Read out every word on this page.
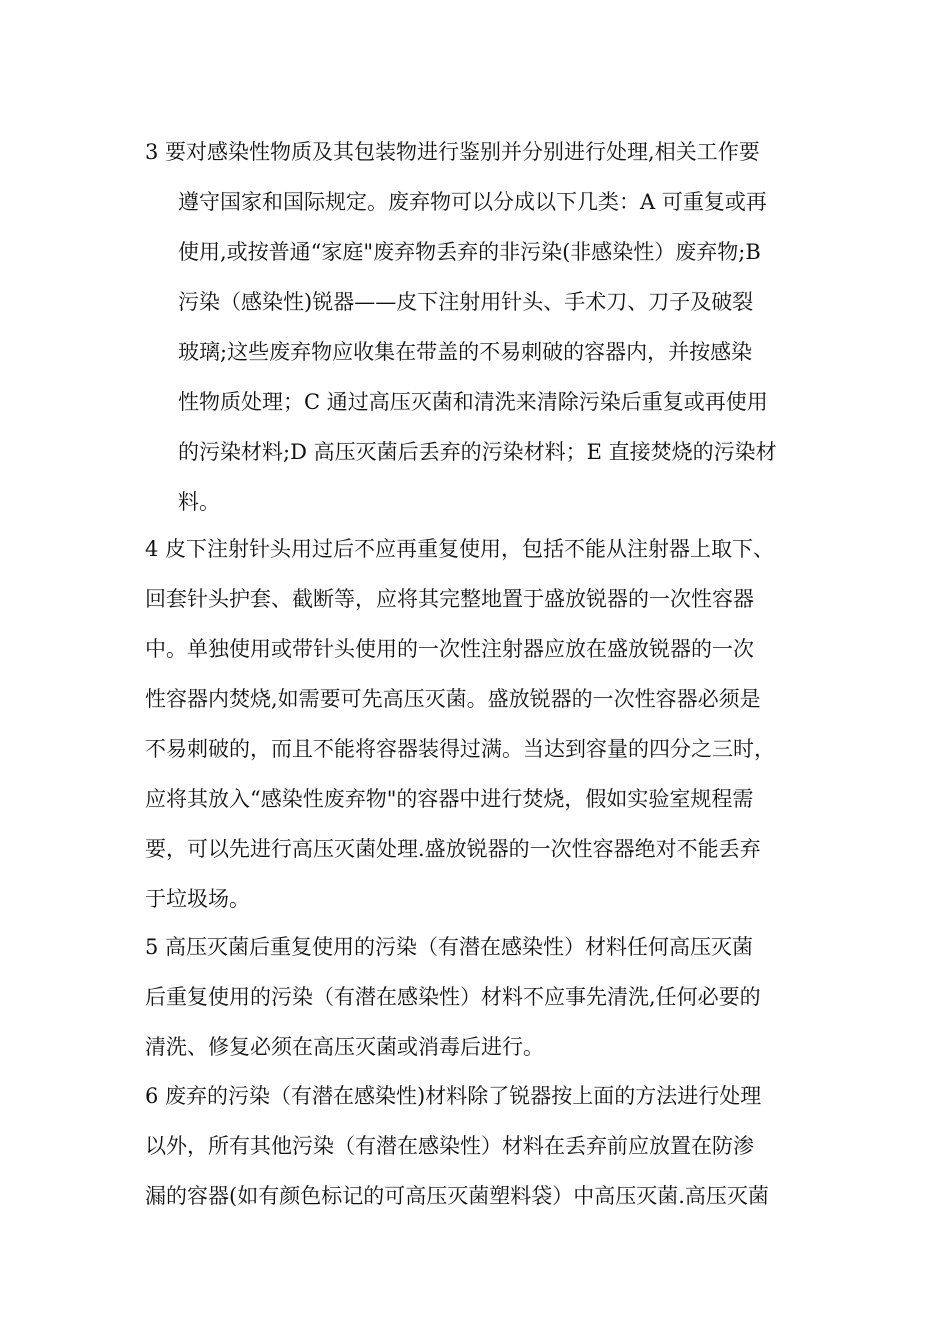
3 要对感染性物质及其包装物进行鉴别并分别进行处理,相关工作要
遵守国家和国际规定。废弃物可以分成以下几类：A 可重复或再
使用,或按普通“家庭"废弃物丢弃的非污染(非感染性）废弃物;B
污染（感染性)锐器——皮下注射用针头、手术刀、刀子及破裂
玻璃;这些废弃物应收集在带盖的不易刺破的容器内，并按感染
性物质处理；C 通过高压灭菌和清洗来清除污染后重复或再使用
的污染材料;D 高压灭菌后丢弃的污染材料；E 直接焚烧的污染材
料。
4 皮下注射针头用过后不应再重复使用，包括不能从注射器上取下、
回套针头护套、截断等，应将其完整地置于盛放锐器的一次性容器
中。单独使用或带针头使用的一次性注射器应放在盛放锐器的一次
性容器内焚烧,如需要可先高压灭菌。盛放锐器的一次性容器必须是
不易刺破的，而且不能将容器装得过满。当达到容量的四分之三时，
应将其放入“感染性废弃物"的容器中进行焚烧，假如实验室规程需
要，可以先进行高压灭菌处理.盛放锐器的一次性容器绝对不能丢弃
于垃圾场。
5 高压灭菌后重复使用的污染（有潜在感染性）材料任何高压灭菌
后重复使用的污染（有潜在感染性）材料不应事先清洗,任何必要的
清洗、修复必须在高压灭菌或消毒后进行。
6 废弃的污染（有潜在感染性)材料除了锐器按上面的方法进行处理
以外，所有其他污染（有潜在感染性）材料在丢弃前应放置在防渗
漏的容器(如有颜色标记的可高压灭菌塑料袋）中高压灭菌.高压灭菌
